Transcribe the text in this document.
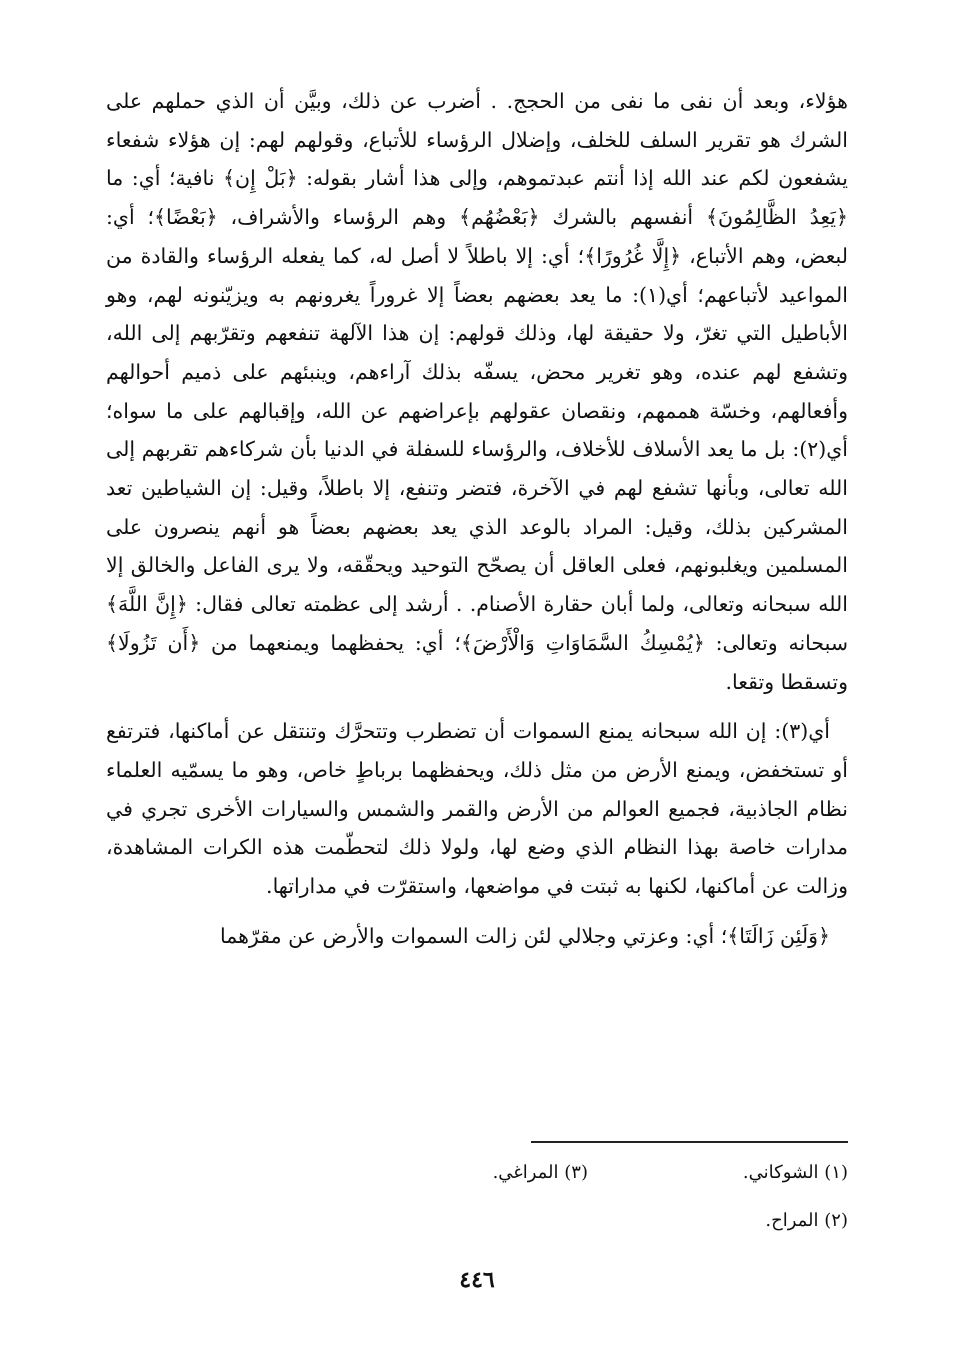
هؤلاء، وبعد أن نفى ما نفى من الحجج. . أضرب عن ذلك، وبيَّن أن الذي حملهم على الشرك هو تقرير السلف للخلف، وإضلال الرؤساء للأتباع، وقولهم لهم: إن هؤلاء شفعاء يشفعون لكم عند الله إذا أنتم عبدتموهم، وإلى هذا أشار بقوله: ﴿بَلْ إِن﴾ نافية؛ أي: ما ﴿يَعِدُ الظَّالِمُونَ﴾ أنفسهم بالشرك ﴿بَعْضُهُم﴾ وهم الرؤساء والأشراف، ﴿بَعْضًا﴾؛ أي: لبعض، وهم الأتباع، ﴿إِلَّا غُرُورًا﴾؛ أي: إلا باطلاً لا أصل له، كما يفعله الرؤساء والقادة من المواعيد لأتباعهم؛ أي(١): ما يعد بعضهم بعضاً إلا غروراً يغرونهم به ويزيّنونه لهم، وهو الأباطيل التي تغرّ، ولا حقيقة لها، وذلك قولهم: إن هذا الآلهة تنفعهم وتقرّبهم إلى الله، وتشفع لهم عنده، وهو تغرير محض، يسفّه بذلك آراءهم، وينبئهم على ذميم أحوالهم وأفعالهم، وخسّة هممهم، ونقصان عقولهم بإعراضهم عن الله، وإقبالهم على ما سواه؛ أي(٢): بل ما يعد الأسلاف للأخلاف، والرؤساء للسفلة في الدنيا بأن شركاءهم تقربهم إلى الله تعالى، وبأنها تشفع لهم في الآخرة، فتضر وتنفع، إلا باطلاً، وقيل: إن الشياطين تعد المشركين بذلك، وقيل: المراد بالوعد الذي يعد بعضهم بعضاً هو أنهم ينصرون على المسلمين ويغلبونهم، فعلى العاقل أن يصحّح التوحيد ويحقّقه، ولا يرى الفاعل والخالق إلا الله سبحانه وتعالى، ولما أبان حقارة الأصنام. . أرشد إلى عظمته تعالى فقال: ﴿إِنَّ اللَّهَ﴾ سبحانه وتعالى: ﴿يُمْسِكُ السَّمَاوَاتِ وَالْأَرْضَ﴾؛ أي: يحفظهما ويمنعهما من ﴿أَن تَزُولَا﴾ وتسقطا وتقعا.

أي(٣): إن الله سبحانه يمنع السموات أن تضطرب وتتحرَّك وتنتقل عن أماكنها، فترتفع أو تستخفض، ويمنع الأرض من مثل ذلك، ويحفظهما برباطٍ خاص، وهو ما يسمّيه العلماء نظام الجاذبية، فجميع العوالم من الأرض والقمر والشمس والسيارات الأخرى تجري في مدارات خاصة بهذا النظام الذي وضع لها، ولولا ذلك لتحطّمت هذه الكرات المشاهدة، وزالت عن أماكنها، لكنها به ثبتت في مواضعها، واستقرّت في مداراتها.

﴿وَلَئِن زَالَتَا﴾؛ أي: وعزتي وجلالي لئن زالت السموات والأرض عن مقرّهما

(١) الشوكاني.
(٣) المراغي.
(٢) المراح.
٤٤٦
